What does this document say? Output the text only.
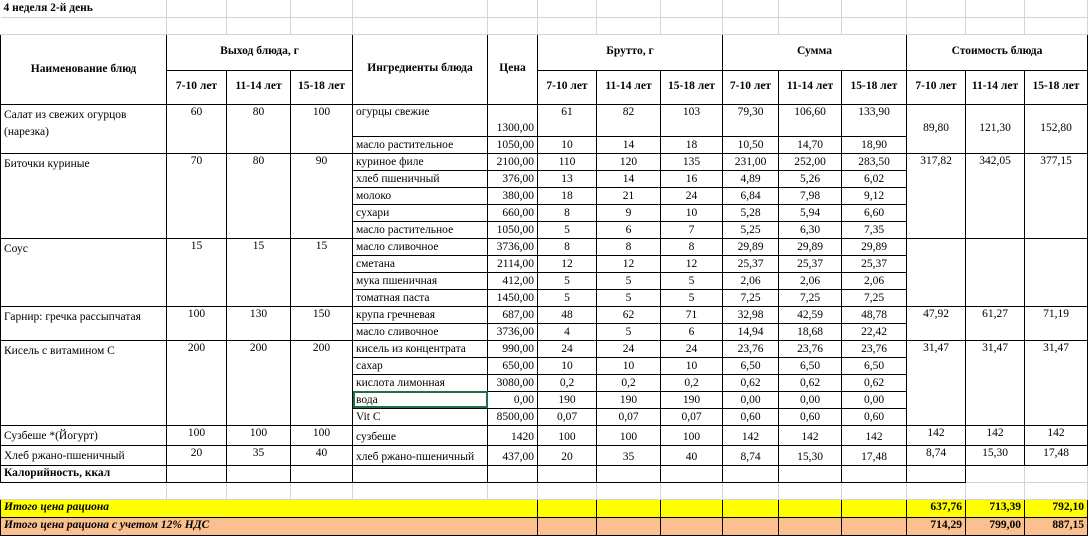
4 неделя 2-й день														

Наименование блюд	Выход блюда, г			Ингредиенты блюда	Цена	Брутто, г			Сумма			Стоимость блюда		
	7-10 лет	11-14 лет	15-18 лет			7-10 лет	11-14 лет	15-18 лет	7-10 лет	11-14 лет	15-18 лет	7-10 лет	11-14 лет	15-18 лет
Салат из свежих огурцов (нарезка)	60	80	100	огурцы свежие	1300,00	61	82	103	79,30	106,60	133,90	89,80	121,30	152,80
				масло растительное	1050,00	10	14	18	10,50	14,70	18,90			
Биточки куриные	70	80	90	куриное филе	2100,00	110	120	135	231,00	252,00	283,50	317,82	342,05	377,15
				хлеб пшеничный	376,00	13	14	16	4,89	5,26	6,02			
				молоко	380,00	18	21	24	6,84	7,98	9,12			
				сухари	660,00	8	9	10	5,28	5,94	6,60			
				масло растительное	1050,00	5	6	7	5,25	6,30	7,35			
Соус	15	15	15	масло сливочное	3736,00	8	8	8	29,89	29,89	29,89			
				сметана	2114,00	12	12	12	25,37	25,37	25,37			
				мука пшеничная	412,00	5	5	5	2,06	2,06	2,06			
				томатная паста	1450,00	5	5	5	7,25	7,25	7,25			
Гарнир: гречка рассыпчатая	100	130	150	крупа гречневая	687,00	48	62	71	32,98	42,59	48,78	47,92	61,27	71,19
				масло сливочное	3736,00	4	5	6	14,94	18,68	22,42			
Кисель с витамином С	200	200	200	кисель из концентрата	990,00	24	24	24	23,76	23,76	23,76	31,47	31,47	31,47
				сахар	650,00	10	10	10	6,50	6,50	6,50			
				кислота лимонная	3080,00	0,2	0,2	0,2	0,62	0,62	0,62			
				вода	0,00	190	190	190	0,00	0,00	0,00			
				Vit C	8500,00	0,07	0,07	0,07	0,60	0,60	0,60			
Сузбеше *(Йогурт)	100	100	100	сузбеше	1420	100	100	100	142	142	142	142	142	142
Хлеб ржано-пшеничный	20	35	40	хлеб ржано-пшеничный	437,00	20	35	40	8,74	15,30	17,48	8,74	15,30	17,48
Калорийность, ккал														

Итого цена рациона												637,76	713,39	792,10
Итого цена рациона с учетом 12% НДС												714,29	799,00	887,15
